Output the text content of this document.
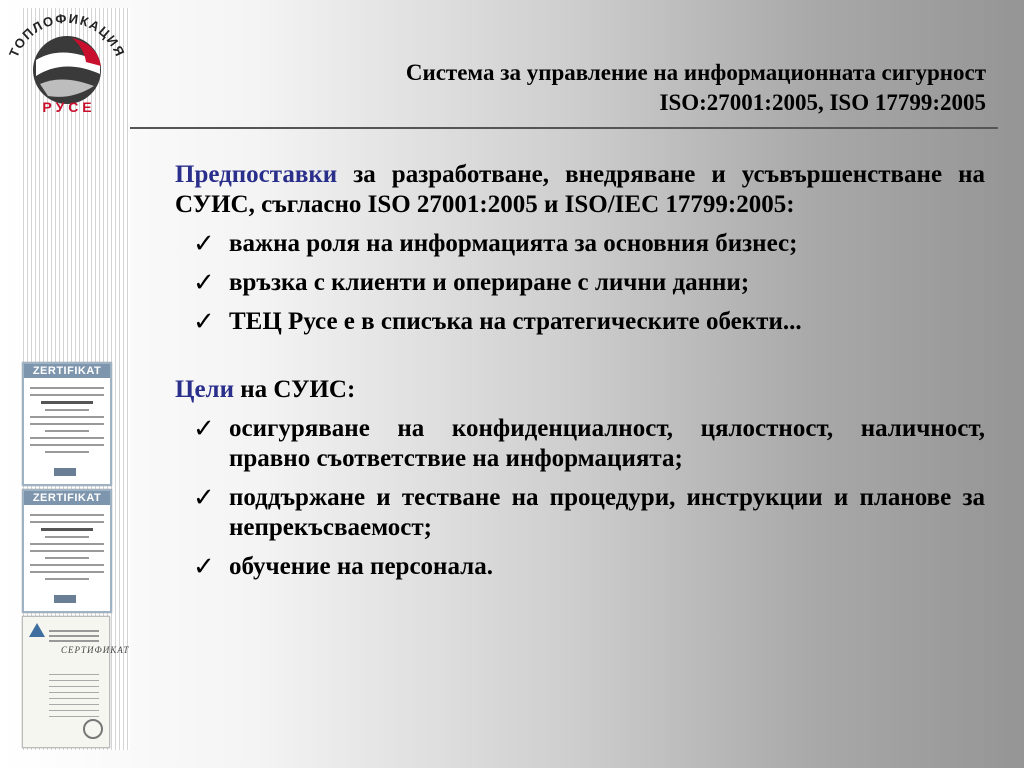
ТОПЛОФИКАЦИЯ
Р У С Е
ZERTIFIKAT
ZERTIFIKAT
СЕРТИФИКАТ
Система за управление на информационната сигурност
ISO:27001:2005, ISO 17799:2005

Предпоставки за разработване, внедряване и усъвършенстване на СУИС, съгласно ISO 27001:2005 и ISO/IEC 17799:2005:

✓ важна роля на информацията за основния бизнес;
✓ връзка с клиенти и опериране с лични данни;
✓ ТЕЦ Русе е в списъка на стратегическите обекти...

Цели на СУИС:

✓ осигуряване на конфиденциалност, цялостност, наличност, правно съответствие на информацията;
✓ поддържане и тестване на процедури, инструкции и планове за непрекъсваемост;
✓ обучение на персонала.
